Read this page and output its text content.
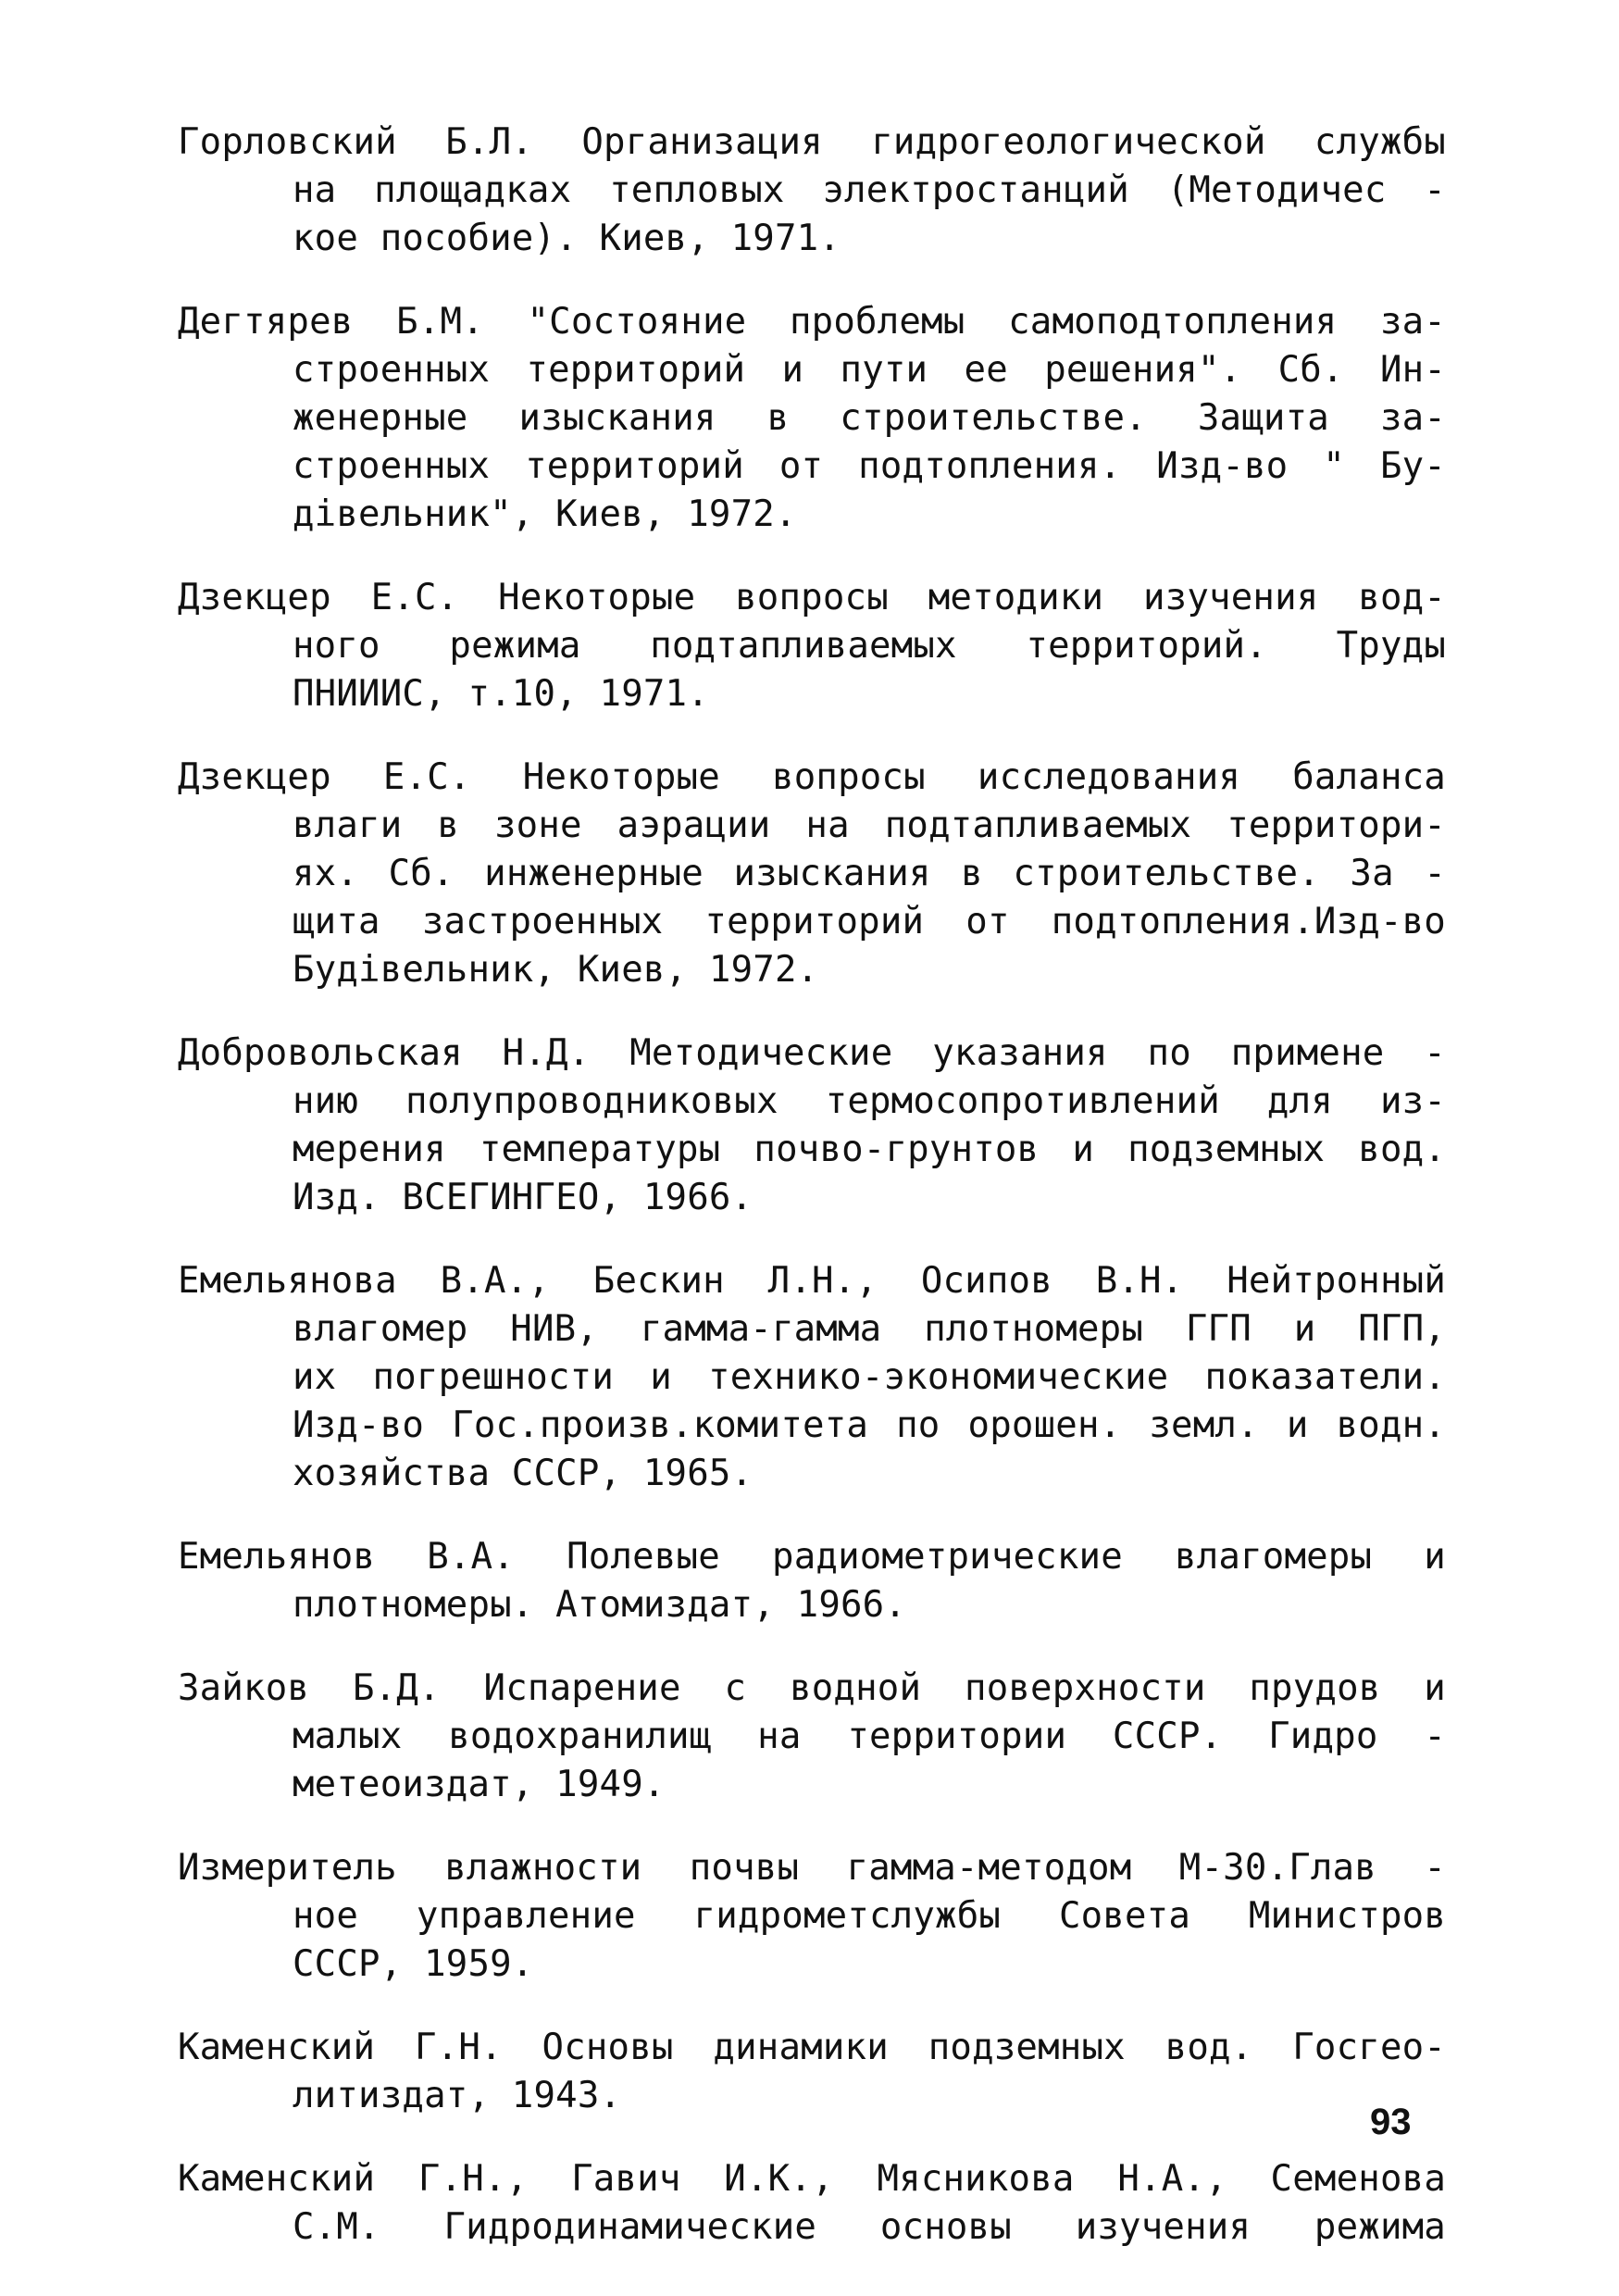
Горловский Б.Л. Организация гидрогеологической службы
на площадках тепловых электростанций (Методичес -
кое пособие). Киев, 1971.
Дегтярев Б.М. "Состояние проблемы самоподтопления за-
строенных территорий и пути ее решения". Сб. Ин-
женерные изыскания в строительстве. Защита за-
строенных территорий от подтопления. Изд-во " Бу-
дiвельник", Киев, 1972.
Дзекцер Е.С. Некоторые вопросы методики изучения вод-
ного режима подтапливаемых территорий. Труды
ПНИИИС, т.10, 1971.
Дзекцер Е.С. Некоторые вопросы исследования баланса
влаги в зоне аэрации на подтапливаемых территори-
ях. Сб. инженерные изыскания в строительстве. За -
щита застроенных территорий от подтопления.Изд-во
Будiвельник, Киев, 1972.
Добровольская Н.Д. Методические указания по примене -
нию полупроводниковых термосопротивлений для из-
мерения температуры почво-грунтов и подземных вод.
Изд. ВСЕГИНГЕО, 1966.
Емельянова В.А., Бескин Л.Н., Осипов В.Н. Нейтронный
влагомер НИВ, гамма-гамма плотномеры ГГП и ПГП,
их погрешности и технико-экономические показатели.
Изд-во Гос.произв.комитета по орошен. земл. и водн.
хозяйства СССР, 1965.
Емельянов В.А. Полевые радиометрические влагомеры и
плотномеры. Атомиздат, 1966.
Зайков Б.Д. Испарение с водной поверхности прудов и
малых водохранилищ на территории СССР. Гидро -
метеоиздат, 1949.
Измеритель влажности почвы гамма-методом М-30.Глав -
ное управление гидрометслужбы Совета Министров
СССР, 1959.
Каменский Г.Н. Основы динамики подземных вод. Госгео-
литиздат, 1943.
Каменский Г.Н., Гавич И.К., Мясникова Н.А., Семенова
С.М. Гидродинамические основы изучения режима
93
